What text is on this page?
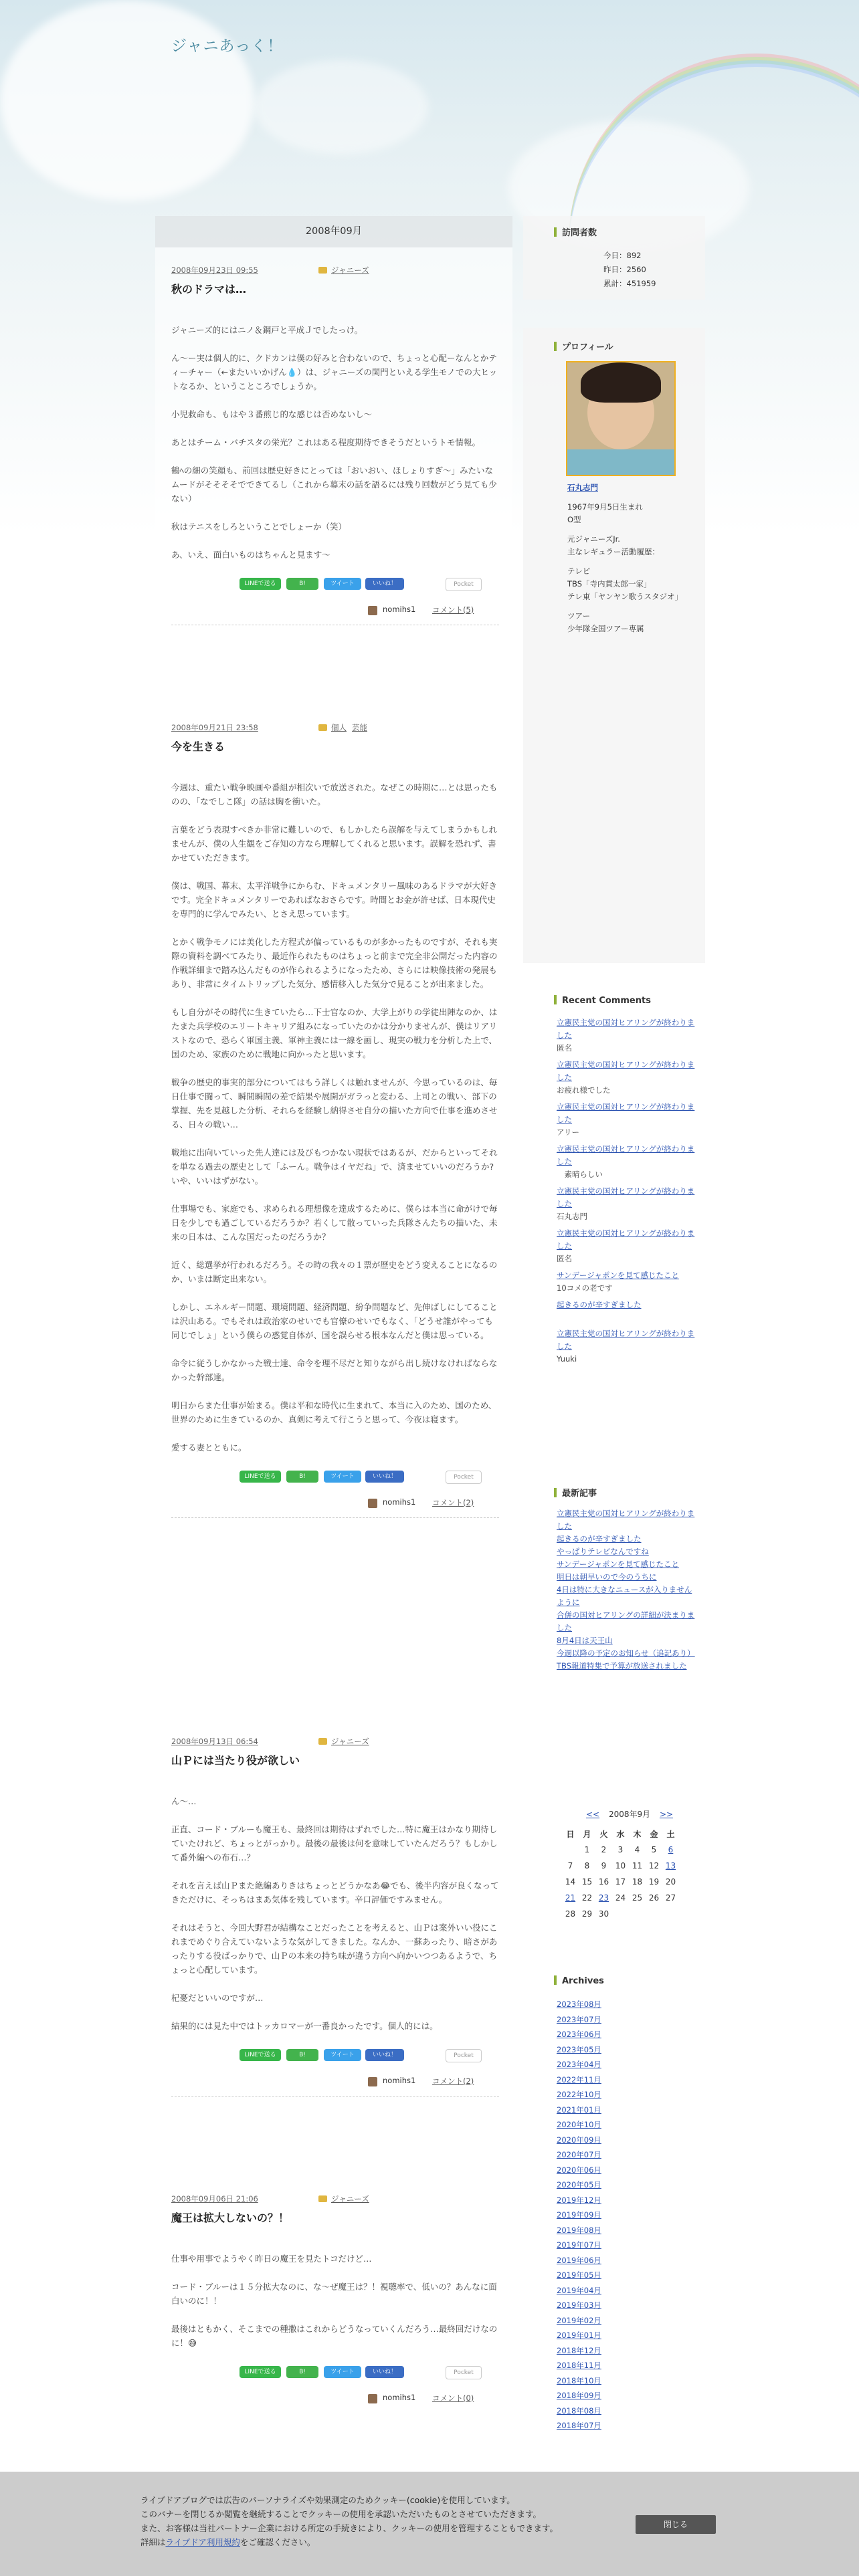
ジャニあっく！
2008年09月
2008年09月23日 09:55	ジャニーズ
秋のドラマは…

ジャニーズ的にはニノ＆鋼戸と平成Ｊでしたっけ。

ん〜ー実は個人的に、クドカンは僕の好みと合わないので、ちょっと心配ーなんとかティーチャー（←またいいかげん💧）は、ジャニーズの関門といえる学生モノでの大ヒットなるか、ということころでしょうか。

小児救命も、もはや３番煎じ的な感じは否めないし〜

あとはチーム・バチスタの栄光？これはある程度期待できそうだというトモ情報。

鶴ﾍの細の笑顔も、前回は歴史好きにとっては「おいおい、ほしょりすぎ〜」みたいなムードがそそそそでできてるし（これから幕末の話を語るには残り回数がどう見ても少ない）

秋はテニスをしろということでしょーか（笑）

あ、いえ、面白いものはちゃんと見ます〜

LINEで送る	B!	ツイート	いいね！	Pocket
nomihs1 コメント(5)
2008年09月21日 23:58	個人 芸能
今を生きる

今週は、重たい戦争映画や番組が相次いで放送された。なぜこの時期に…とは思ったものの、「なでしこ隊」の話は胸を衝いた。

言葉をどう表現すべきか非常に難しいので、もしかしたら誤解を与えてしまうかもしれませんが、僕の人生観をご存知の方なら理解してくれると思います。誤解を恐れず、書かせていただきます。

僕は、戦国、幕末、太平洋戦争にからむ、ドキュメンタリー風味のあるドラマが大好きです。完全ドキュメンタリーであればなおさらです。時間とお金が許せば、日本現代史を専門的に学んでみたい、とさえ思っています。

とかく戦争モノには美化した方程式が偏っているものが多かったものですが、それも実際の資料を調べてみたり、最近作られたものはちょっと前まで完全非公開だった内容の作戦詳細まで踏み込んだものが作られるようになったため、さらには映像技術の発展もあり、非常にタイムトリップした気分、感情移入した気分で見ることが出来ました。

もし自分がその時代に生きていたら…下士官なのか、大学上がりの学徒出陣なのか、はたまた兵学校のエリートキャリア組みになっていたのかは分かりませんが、僕はリアリストなので、恐らく軍国主義、軍神主義には一線を画し、現実の戦力を分析した上で、国のため、家族のために戦地に向かったと思います。

戦争の歴史的事実的部分についてはもう詳しくは触れませんが、今思っているのは、毎日仕事で闘って、瞬間瞬間の差で結果や展開がガラっと変わる、上司との戦い、部下の掌握、先を見越した分析、それらを経験し納得させ自分の描いた方向で仕事を進めさせる、日々の戦い…

戦地に出向いていった先人達には及びもつかない現状ではあるが、だからといってそれを単なる過去の歴史として「ふーん。戦争はイヤだね」で、済ませていいのだろうか?いや、いいはずがない。

仕事場でも、家庭でも、求められる理想像を達成するために、僕らは本当に命がけで毎日を少しでも過ごしているだろうか？若くして散っていった兵隊さんたちの描いた、未来の日本は、こんな国だったのだろうか？

近く、総選挙が行われるだろう。その時の我々の１票が歴史をどう変えることになるのか、いまは断定出来ない。

しかし、エネルギー問題、環境問題、経済問題、紛争問題など、先伸ばしにしてることは沢山ある。でもそれは政治家のせいでも官僚のせいでもなく、「どうせ誰がやっても同じでしょ」という僕らの惑覚自体が、国を誤らせる根本なんだと僕は思っている。

命令に従うしかなかった戦士達、命令を理不尽だと知りながら出し続けなければならなかった幹部達。

明日からまた仕事が始まる。僕は平和な時代に生まれて、本当に入のため、国のため、世界のために生きているのか、真剣に考えて行こうと思って、今夜は寝ます。

愛する妻とともに。

LINEで送る	B!	ツイート	いいね！	Pocket
nomihs1 コメント(2)
2008年09月13日 06:54	ジャニーズ
山Ｐには当たり役が欲しい

ん〜…

正直、コード・ブルーも魔王も、最終回は期待はずれでした…特に魔王はかなり期待していたけれど、ちょっとがっかり。最後の最後は何を意味していたんだろう？もしかして番外編への布石…？

それを言えば山Ｐまた絶編ありきはちょっとどうかなあ😂でも、後半内容が良くなってきただけに、そっちはまあ気体を残しています。辛口評価ですみません。

それはそうと、今回大野君が結構なことだったことを考えると、山Ｐは案外いい役にこれまでめぐり合えていないような気がしてきました。なんか、一蘇あったり、暗さがあったりする役ばっかりで、山Ｐの本来の持ち味が違う方向へ向かいつつあるようで、ちょっと心配しています。

杞憂だといいのですが…

結果的には見た中ではトッカロマーが一番良かったです。個人的には。

LINEで送る	B!	ツイート	いいね！	Pocket
nomihs1 コメント(2)
2008年09月06日 21:06	ジャニーズ
魔王は拡大しないの？！

仕事や用事でようやく昨日の魔王を見たトコだけど…

コード・ブルーは１５分拡大なのに、な〜ぜ魔王は？！視聴率で、低いの？あんなに面白いのに！！

最後はともかく、そこまでの種撒はこれからどうなっていくんだろう…最終回だけなのに！😅

LINEで送る	B!	ツイート	いいね！	Pocket
nomihs1 コメント(0)
訪問者数
今日：892
昨日：2560
累計：451959
プロフィール
石丸志門
1967年9月5日生まれ
O型
元ジャニーズJr.
主なレギュラー活動履歴：
テレビ
TBS「寺内貫太郎一家」
テレ東「ヤンヤン歌うスタジオ」
ツアー
少年隊全国ツアー専属
Recent Comments
立憲民主党の国対ヒアリングが終わりました
匿名
立憲民主党の国対ヒアリングが終わりました
お疲れ様でした
立憲民主党の国対ヒアリングが終わりました
アリー
立憲民主党の国対ヒアリングが終わりました
　素晴らしい
立憲民主党の国対ヒアリングが終わりました
石丸志門
立憲民主党の国対ヒアリングが終わりました
匿名
サンデージャポンを見て感じたこと
10コメの老です
起きるのが辛すぎました
立憲民主党の国対ヒアリングが終わりました
Yuuki
最新記事
立憲民主党の国対ヒアリングが終わりました
起きるのが辛すぎました
やっぱりテレビなんですね
サンデージャポンを見て感じたこと
明日は朝早いので今のうちに
4日は特に大きなニュースが入りませんように
合併の国対ヒアリングの詳細が決まりました
8月4日は天王山
今週以降の予定のお知らせ（追記あり）
TBS報道特集で予算が放送されました
<< 2008年9月 >>
日	月	火	水	木	金	土
	1	2	3	4	5	6
7	8	9	10	11	12	13
14	15	16	17	18	19	20
21	22	23	24	25	26	27
28	29	30				
Archives
2023年08月
2023年07月
2023年06月
2023年05月
2023年04月
2022年11月
2022年10月
2021年01月
2020年10月
2020年09月
2020年07月
2020年06月
2020年05月
2019年12月
2019年09月
2019年08月
2019年07月
2019年06月
2019年05月
2019年04月
2019年03月
2019年02月
2019年01月
2018年12月
2018年11月
2018年10月
2018年09月
2018年08月
2018年07月
ライブドアブログでは広告のパーソナライズや効果測定のためクッキー(cookie)を使用しています。
このバナーを閉じるか閲覧を継続することでクッキーの使用を承認いただいたものとさせていただきます。
また、お客様は当社パートナー企業における所定の手続きにより、クッキーの使用を管理することもできます。
詳細はライブドア利用規約をご確認ください。
閉じる
